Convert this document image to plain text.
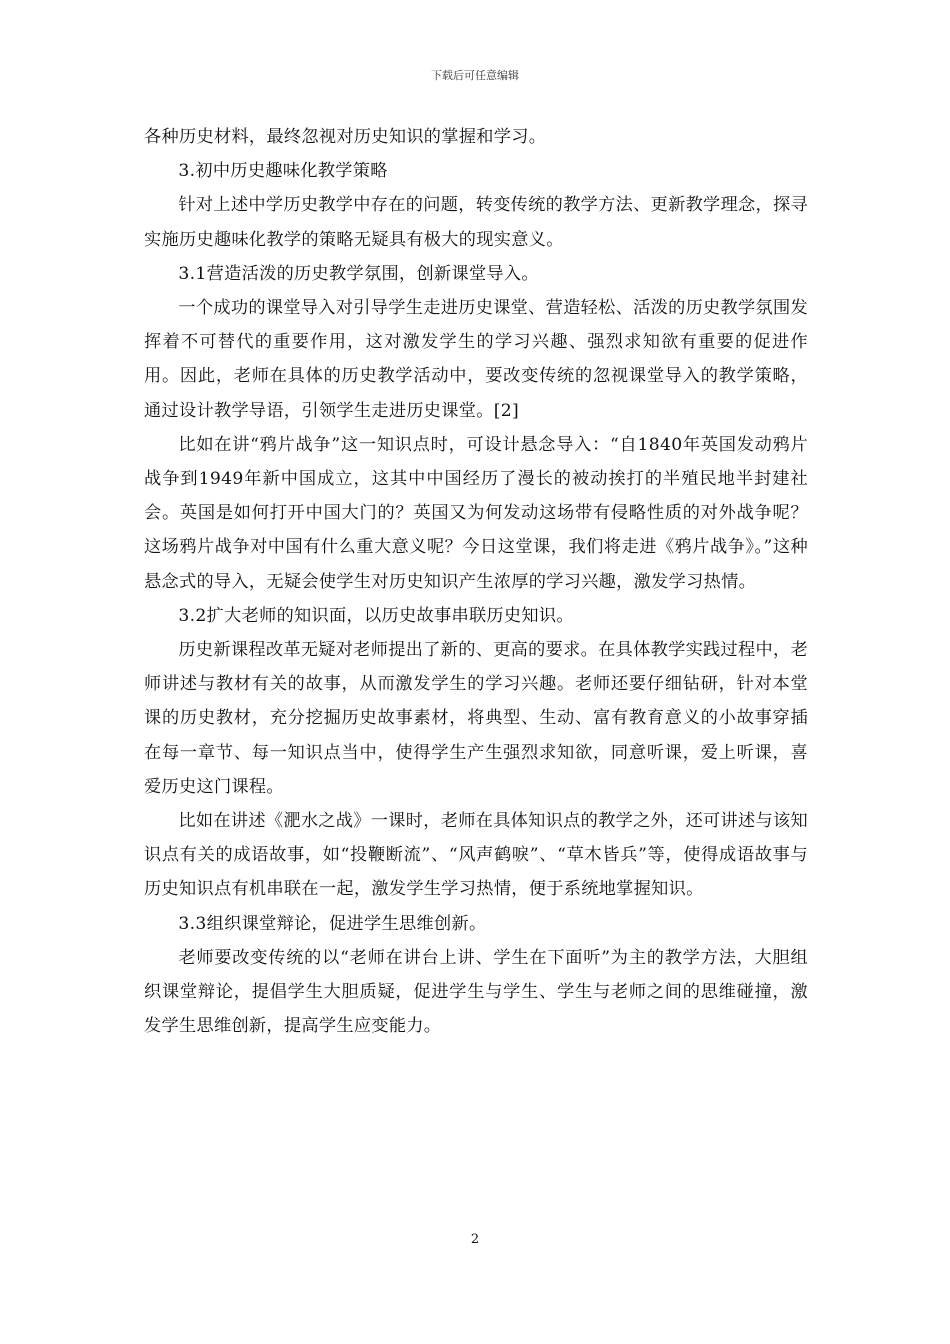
下载后可任意编辑

各种历史材料，最终忽视对历史知识的掌握和学习。

3.初中历史趣味化教学策略

针对上述中学历史教学中存在的问题，转变传统的教学方法、更新教学理念，探寻实施历史趣味化教学的策略无疑具有极大的现实意义。

3.1营造活泼的历史教学氛围，创新课堂导入。

一个成功的课堂导入对引导学生走进历史课堂、营造轻松、活泼的历史教学氛围发挥着不可替代的重要作用，这对激发学生的学习兴趣、强烈求知欲有重要的促进作用。因此，老师在具体的历史教学活动中，要改变传统的忽视课堂导入的教学策略，通过设计教学导语，引领学生走进历史课堂。[2]

比如在讲“鸦片战争”这一知识点时，可设计悬念导入：“自1840年英国发动鸦片战争到1949年新中国成立，这其中中国经历了漫长的被动挨打的半殖民地半封建社会。英国是如何打开中国大门的？英国又为何发动这场带有侵略性质的对外战争呢？这场鸦片战争对中国有什么重大意义呢？今日这堂课，我们将走进《鸦片战争》。”这种悬念式的导入，无疑会使学生对历史知识产生浓厚的学习兴趣，激发学习热情。

3.2扩大老师的知识面，以历史故事串联历史知识。

历史新课程改革无疑对老师提出了新的、更高的要求。在具体教学实践过程中，老师讲述与教材有关的故事，从而激发学生的学习兴趣。老师还要仔细钻研，针对本堂课的历史教材，充分挖掘历史故事素材，将典型、生动、富有教育意义的小故事穿插在每一章节、每一知识点当中，使得学生产生强烈求知欲，同意听课，爱上听课，喜爱历史这门课程。

比如在讲述《淝水之战》一课时，老师在具体知识点的教学之外，还可讲述与该知识点有关的成语故事，如“投鞭断流”、“风声鹤唳”、“草木皆兵”等，使得成语故事与历史知识点有机串联在一起，激发学生学习热情，便于系统地掌握知识。

3.3组织课堂辩论，促进学生思维创新。

老师要改变传统的以“老师在讲台上讲、学生在下面听”为主的教学方法，大胆组织课堂辩论，提倡学生大胆质疑，促进学生与学生、学生与老师之间的思维碰撞，激发学生思维创新，提高学生应变能力。

2
